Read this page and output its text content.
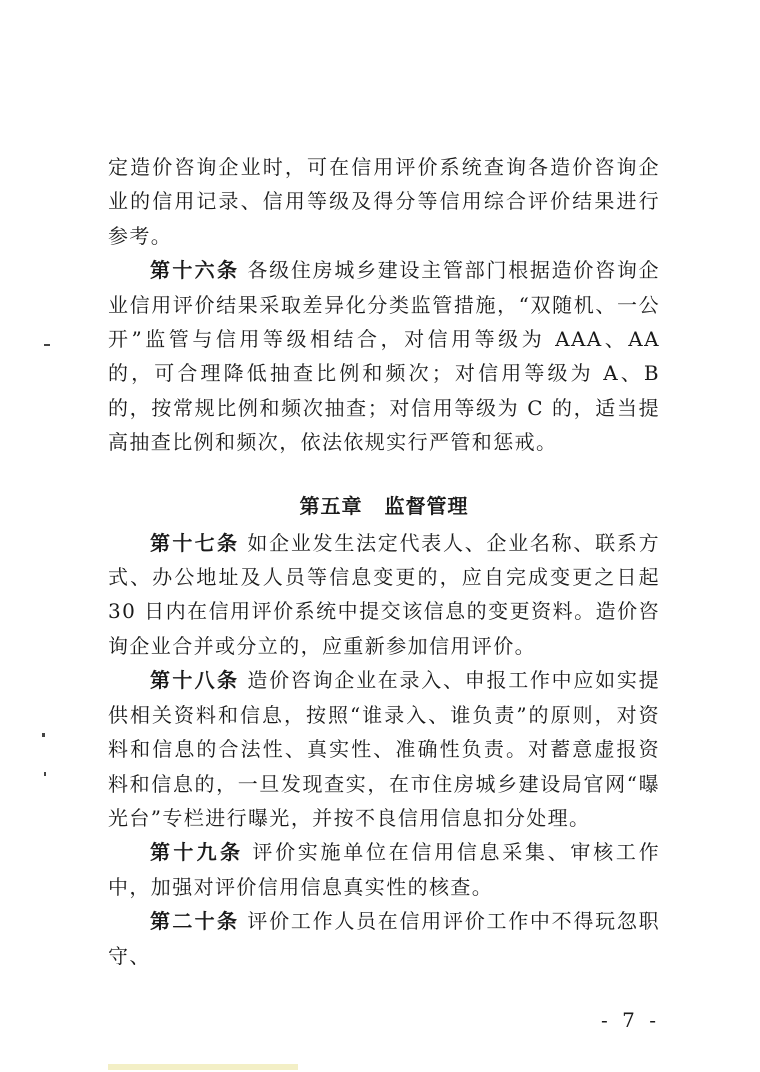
定造价咨询企业时，可在信用评价系统查询各造价咨询企业的信用记录、信用等级及得分等信用综合评价结果进行参考。

第十六条 各级住房城乡建设主管部门根据造价咨询企业信用评价结果采取差异化分类监管措施，“双随机、一公开”监管与信用等级相结合，对信用等级为 AAA、AA 的，可合理降低抽查比例和频次；对信用等级为 A、B 的，按常规比例和频次抽查；对信用等级为 C 的，适当提高抽查比例和频次，依法依规实行严管和惩戒。

第五章 监督管理

第十七条 如企业发生法定代表人、企业名称、联系方式、办公地址及人员等信息变更的，应自完成变更之日起 30 日内在信用评价系统中提交该信息的变更资料。造价咨询企业合并或分立的，应重新参加信用评价。

第十八条 造价咨询企业在录入、申报工作中应如实提供相关资料和信息，按照“谁录入、谁负责”的原则，对资料和信息的合法性、真实性、准确性负责。对蓄意虚报资料和信息的，一旦发现查实，在市住房城乡建设局官网“曝光台”专栏进行曝光，并按不良信用信息扣分处理。

第十九条 评价实施单位在信用信息采集、审核工作中，加强对评价信用信息真实性的核查。

第二十条 评价工作人员在信用评价工作中不得玩忽职守、

- 7 -
